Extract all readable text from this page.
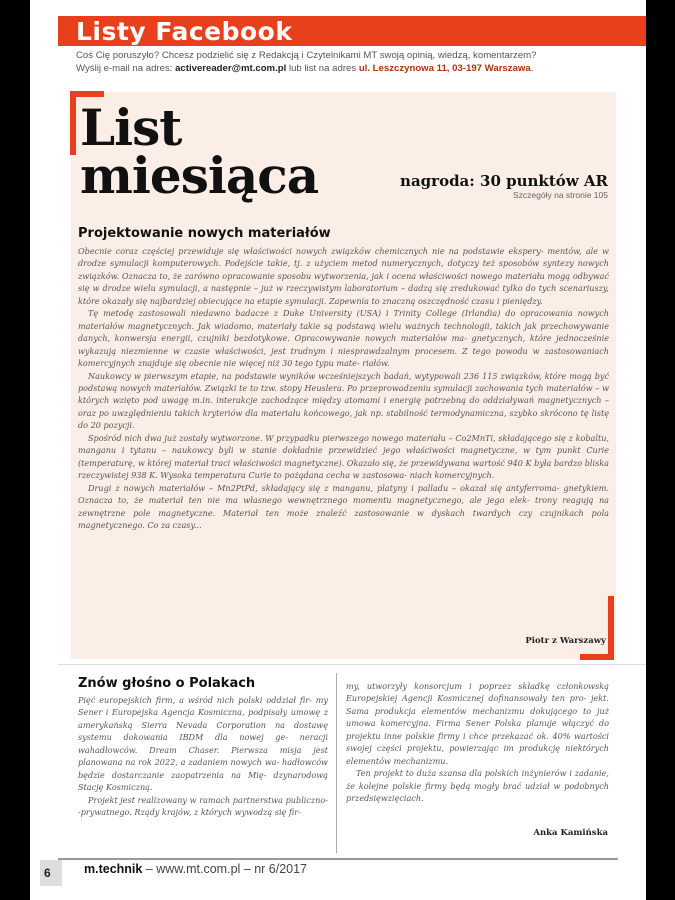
Listy Facebook
Coś Cię poruszyło? Chcesz podzielić się z Redakcją i Czytelnikami MT swoją opinią, wiedzą, komentarzem?
Wyślij e-mail na adres: activereader@mt.com.pl lub list na adres ul. Leszczynowa 11, 03-197 Warszawa.
List
miesiąca	nagroda: 30 punktów AR
Szczegóły na stronie 105
Projektowanie nowych materiałów

Obecnie coraz częściej przewiduje się właściwości nowych związków chemicznych nie na podstawie ekspery- mentów, ale w drodze symulacji komputerowych. Podejście takie, tj. z użyciem metod numerycznych, dotyczy też sposobów syntezy nowych związków. Oznacza to, że zarówno opracowanie sposobu wytworzenia, jak i ocena właściwości nowego materiału mogą odbywać się w drodze wielu symulacji, a następnie – już w rzeczywistym laboratorium – dadzą się zredukować tylko do tych scenariuszy, które okazały się najbardziej obiecujące na etapie symulacji. Zapewnia to znaczną oszczędność czasu i pieniędzy.

Tę metodę zastosowali niedawno badacze z Duke University (USA) i Trinity College (Irlandia) do opracowania nowych materiałów magnetycznych. Jak wiadomo, materiały takie są podstawą wielu ważnych technologii, takich jak przechowywanie danych, konwersja energii, czujniki bezdotykowe. Opracowywanie nowych materiałów ma- gnetycznych, które jednocześnie wykazują niezmienne w czasie właściwości, jest trudnym i niesprawdzalnym procesem. Z tego powodu w zastosowaniach komercyjnych znajduje się obecnie nie więcej niż 30 tego typu mate- riałów.

Naukowcy w pierwszym etapie, na podstawie wyników wcześniejszych badań, wytypowali 236 115 związków, które mogą być podstawą nowych materiałów. Związki te to tzw. stopy Heuslera. Po przeprowadzeniu symulacji zachowania tych materiałów – w których wzięto pod uwagę m.in. interakcje zachodzące między atomami i energię potrzebną do oddziaływań magnetycznych – oraz po uwzględnieniu takich kryteriów dla materiału końcowego, jak np. stabilność termodynamiczna, szybko skrócono tę listę do 20 pozycji.

Spośród nich dwa już zostały wytworzone. W przypadku pierwszego nowego materiału – Co2MnTi, składającego się z kobaltu, manganu i tytanu – naukowcy byli w stanie dokładnie przewidzieć jego właściwości magnetyczne, w tym punkt Curie (temperaturę, w której materiał traci właściwości magnetyczne). Okazało się, że przewidywana wartość 940 K była bardzo bliska rzeczywistej 938 K. Wysoka temperatura Curie to pożądana cecha w zastosowa- niach komercyjnych.

Drugi z nowych materiałów – Mn2PtPd, składający się z manganu, platyny i palladu – okazał się antyferroma- gnetykiem. Oznacza to, że materiał ten nie ma własnego wewnętrznego momentu magnetycznego, ale jego elek- trony reagują na zewnętrzne pole magnetyczne. Materiał ten może znaleźć zastosowanie w dyskach twardych czy czujnikach pola magnetycznego. Co za czasy...

Piotr z Warszawy
Znów głośno o Polakach

Pięć europejskich firm, a wśród nich polski oddział fir- my Sener i Europejska Agencja Kosmiczna, podpisały umowę z amerykańską Sierra Nevada Corporation na dostawę systemu dokowania IBDM dla nowej ge- neracji wahadłowców. Dream Chaser. Pierwsza misja jest planowana na rok 2022, a zadaniem nowych wa- hadłowców będzie dostarczanie zaopatrzenia na Mię- dzynarodową Stację Kosmiczną.

Projekt jest realizowany w ramach partnerstwa publiczno- -prywatnego. Rządy krajów, z których wywodzą się fir-

my, utworzyły konsorcjum i poprzez składkę członkowską Europejskiej Agencji Kosmicznej dofinansowały ten pro- jekt. Sama produkcja elementów mechanizmu dokującego to już umowa komercyjna. Firma Sener Polska planuje włączyć do projektu inne polskie firmy i chce przekazać ok. 40% wartości swojej części projektu, powierzając im produkcję niektórych elementów mechanizmu.

Ten projekt to duża szansa dla polskich inżynierów i zadanie, że kolejne polskie firmy będą mogły brać udział w podobnych przedsięwzięciach.

Anka Kamińska
6	m.technik – www.mt.com.pl – nr 6/2017
